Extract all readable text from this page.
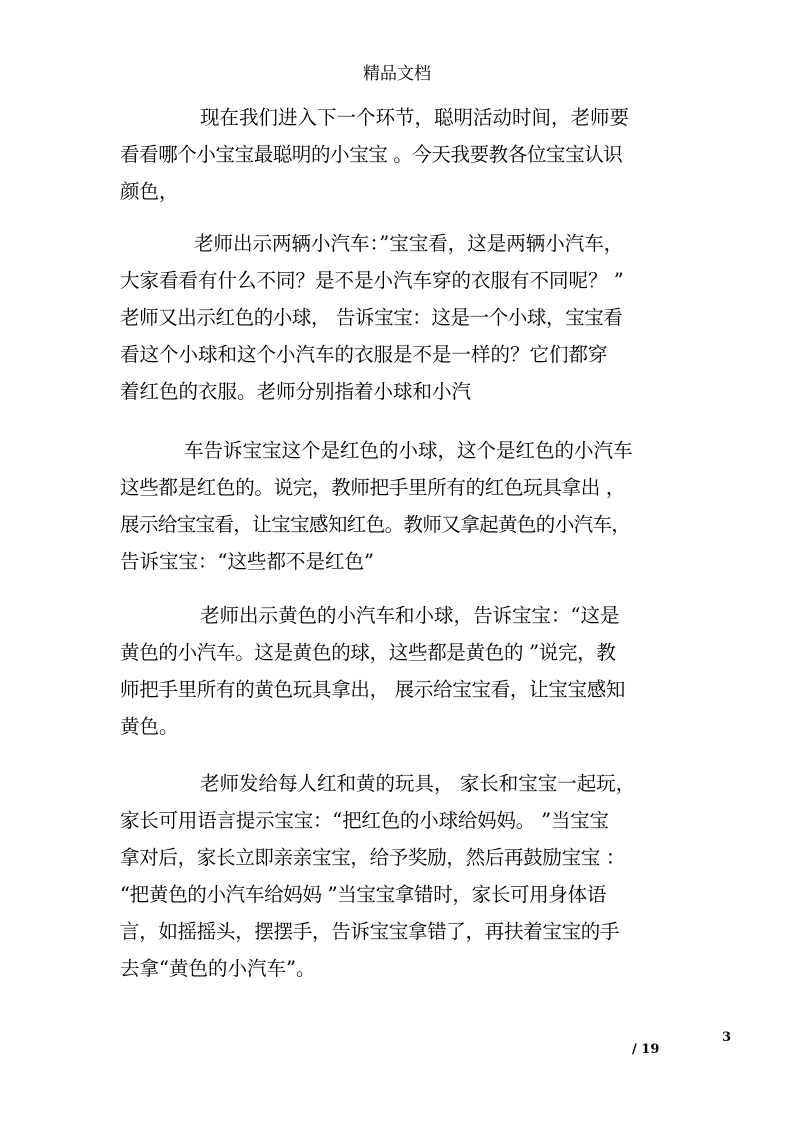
精品文档
现在我们进入下一个环节，聪明活动时间，老师要
看看哪个小宝宝最聪明的小宝宝 。今天我要教各位宝宝认识
颜色，
老师出示两辆小汽车：”宝宝看，这是两辆小汽车，
大家看看有什么不同？是不是小汽车穿的衣服有不同呢？ ”
老师又出示红色的小球， 告诉宝宝：这是一个小球，宝宝看
看这个小球和这个小汽车的衣服是不是一样的？它们都穿
着红色的衣服。老师分别指着小球和小汽
车告诉宝宝这个是红色的小球，这个是红色的小汽车
这些都是红色的。说完，教师把手里所有的红色玩具拿出 ，
展示给宝宝看，让宝宝感知红色。教师又拿起黄色的小汽车，
告诉宝宝：“这些都不是红色”
老师出示黄色的小汽车和小球，告诉宝宝：“这是
黄色的小汽车。这是黄色的球，这些都是黄色的 ”说完，教
师把手里所有的黄色玩具拿出， 展示给宝宝看，让宝宝感知
黄色。
老师发给每人红和黄的玩具， 家长和宝宝一起玩，
家长可用语言提示宝宝：“把红色的小球给妈妈。 ”当宝宝
拿对后，家长立即亲亲宝宝，给予奖励，然后再鼓励宝宝 ：
“把黄色的小汽车给妈妈 ”当宝宝拿错时，家长可用身体语
言，如摇摇头，摆摆手，告诉宝宝拿错了，再扶着宝宝的手
去拿“黄色的小汽车”。
3
/ 19
